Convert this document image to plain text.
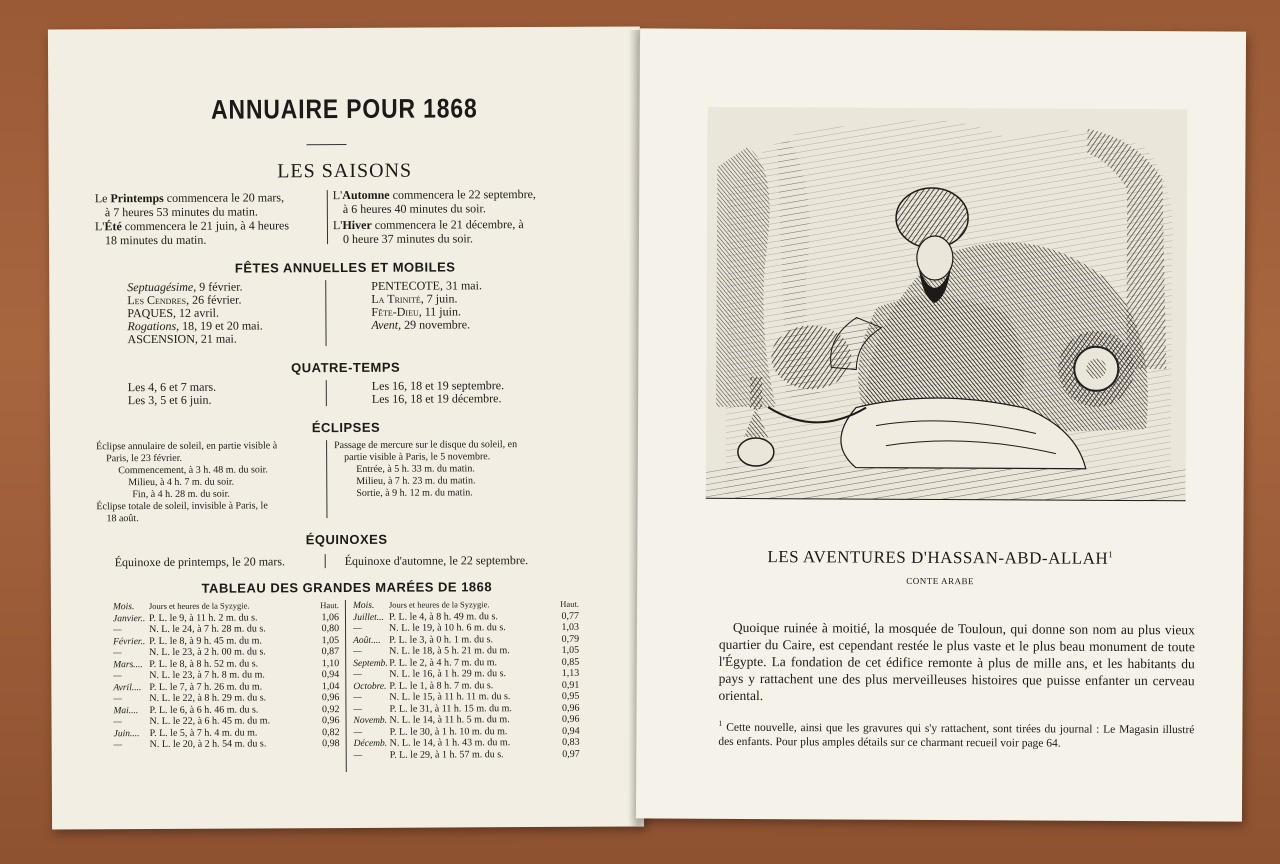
ANNUAIRE POUR 1868
LES SAISONS
Le Printemps commencera le 20 mars,
à 7 heures 53 minutes du matin.
L'Été commencera le 21 juin, à 4 heures
18 minutes du matin.
L'Automne commencera le 22 septembre,
à 6 heures 40 minutes du soir.
L'Hiver commencera le 21 décembre, à
0 heure 37 minutes du soir.
FÊTES ANNUELLES ET MOBILES
Septuagésime, 9 février.
Les Cendres, 26 février.
PAQUES, 12 avril.
Rogations, 18, 19 et 20 mai.
ASCENSION, 21 mai.
PENTECOTE, 31 mai.
La Trinité, 7 juin.
Fête-Dieu, 11 juin.
Avent, 29 novembre.
QUATRE-TEMPS
Les 4, 6 et 7 mars.
Les 3, 5 et 6 juin.
Les 16, 18 et 19 septembre.
Les 16, 18 et 19 décembre.
ÉCLIPSES
Éclipse annulaire de soleil, en partie visible à
Paris, le 23 février.
Commencement, à 3 h. 48 m. du soir.
Milieu, à 4 h. 7 m. du soir.
Fin, à 4 h. 28 m. du soir.
Éclipse totale de soleil, invisible à Paris, le
18 août.
Passage de mercure sur le disque du soleil, en
partie visible à Paris, le 5 novembre.
Entrée, à 5 h. 33 m. du matin.
Milieu, à 7 h. 23 m. du matin.
Sortie, à 9 h. 12 m. du matin.
ÉQUINOXES
Équinoxe de printemps, le 20 mars.	Équinoxe d'automne, le 22 septembre.
TABLEAU DES GRANDES MARÉES DE 1868
Mois. Jours et heures de la Syzygie.	Haut.
Janvier.. P. L. le 9, à 11 h. 2 m. du s.	1,06
—	N. L. le 24, à 7 h. 28 m. du s.	0,80
Février.. P. L. le 8, à 9 h. 45 m. du m.	1,05
—	N. L. le 23, à 2 h. 00 m. du s.	0,87
Mars.... P. L. le 8, à 8 h. 52 m. du s.	1,10
—	N. L. le 23, à 7 h. 8 m. du m.	0,94
Avril.... P. L. le 7, à 7 h. 26 m. du m.	1,04
—	N. L. le 22, à 8 h. 29 m. du s.	0,96
Mai.... P. L. le 6, à 6 h. 46 m. du s.	0,92
—	N. L. le 22, à 6 h. 45 m. du m.	0,96
Juin.... P. L. le 5, à 7 h. 4 m. du m.	0,82
—	N. L. le 20, à 2 h. 54 m. du s.	0,98
Mois. Jours et heures de la Syzygie.	Haut.
Juillet... P. L. le 4, à 8 h. 49 m. du s.	0,77
—	N. L. le 19, à 10 h. 6 m. du s.	1,03
Août.... P. L. le 3, à 0 h. 1 m. du s.	0,79
—	N. L. le 18, à 5 h. 21 m. du m.	1,05
Septemb.P. L. le 2, à 4 h. 7 m. du m.	0,85
—	N. L. le 16, à 1 h. 29 m. du s.	1,13
Octobre. P. L. le 1, à 8 h. 7 m. du s.	0,91
—	N. L. le 15, à 11 h. 11 m. du s.	0,95
—	P. L. le 31, à 11 h. 15 m. du m.	0,96
Novemb. N. L. le 14, à 11 h. 5 m. du m.	0,96
—	P. L. le 30, à 1 h. 10 m. du m.	0,94
Décemb. N. L. le 14, à 1 h. 43 m. du m.	0,83
—	P. L. le 29, à 1 h. 57 m. du s.	0,97
LES AVENTURES D'HASSAN-ABD-ALLAH$^1$
CONTE ARABE
Quoique ruinée à moitié, la mosquée de Touloun, qui donne son nom au plus vieux quartier du Caire, est cependant restée le plus vaste et le plus beau monument de toute l'Égypte. La fondation de cet édifice remonte à plus de mille ans, et les habitants du pays y rattachent une des plus merveilleuses histoires que puisse enfanter un cerveau oriental.
$^1$ Cette nouvelle, ainsi que les gravures qui s'y rattachent, sont tirées du journal : Le Magasin illustré des enfants. Pour plus amples détails sur ce charmant recueil voir page 64.
